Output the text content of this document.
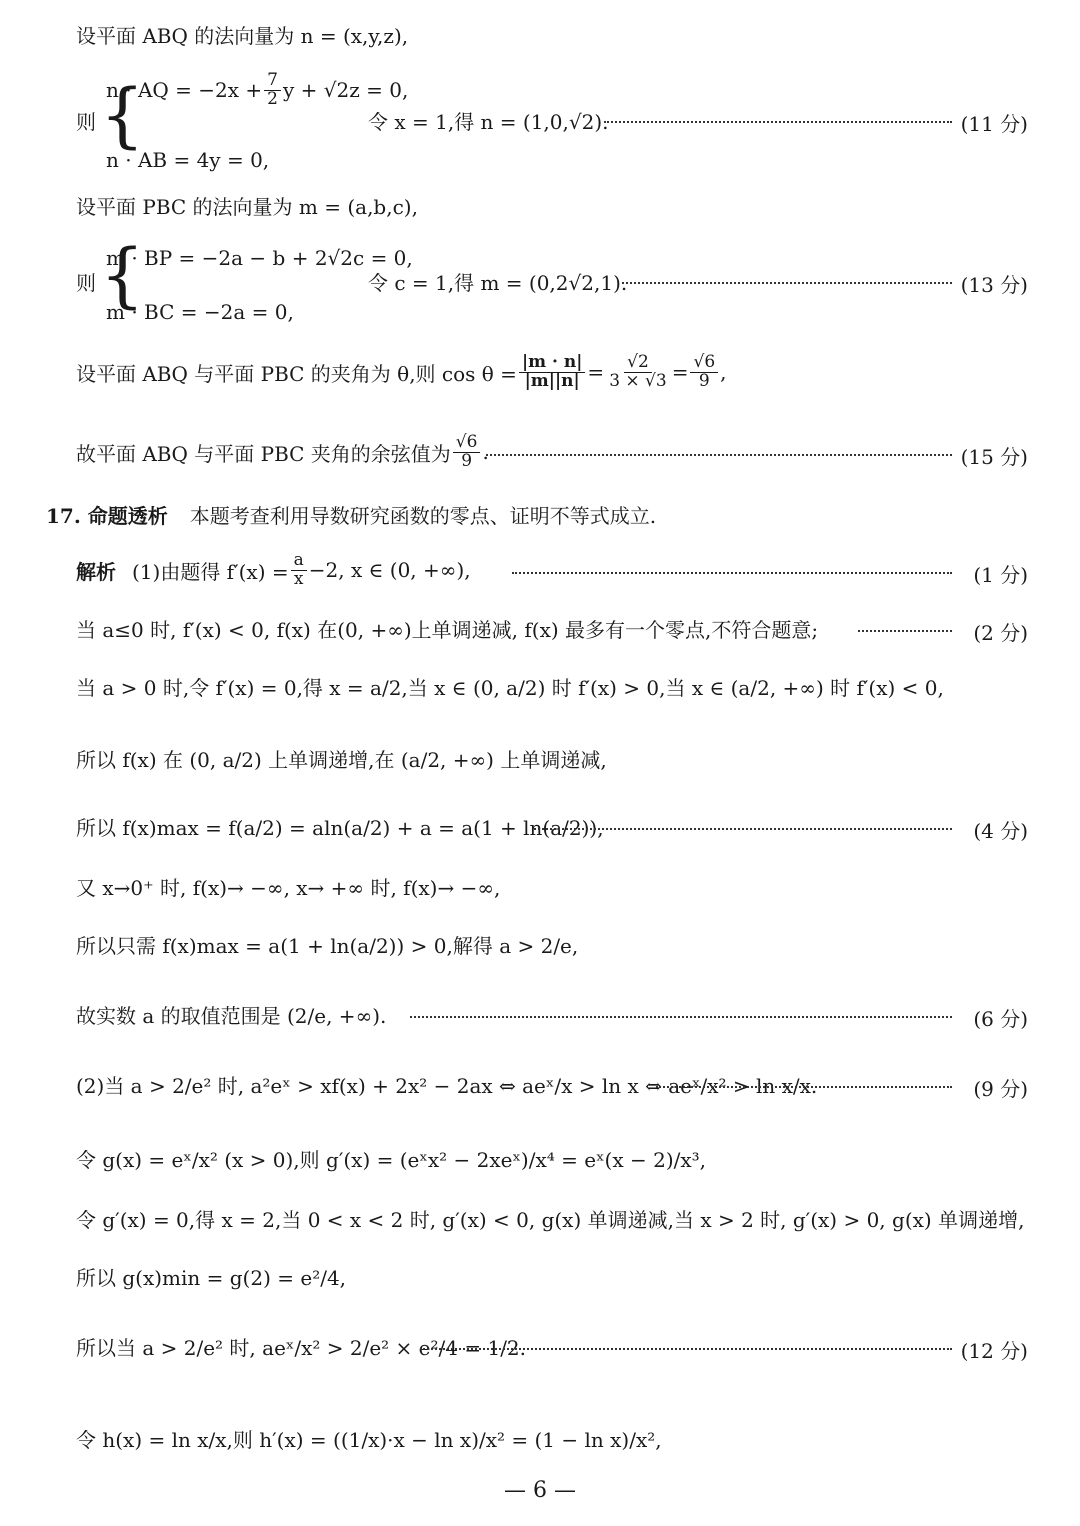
设平面 ABQ 的法向量为 n = (x,y,z),
n · AQ = $-2x + \frac{7}{2}$ y + √2z = 0,
则 {	令 x = 1,得 n = (1,0,√2).	(11 分)
n · AB = 4y = 0,
设平面 PBC 的法向量为 m = (a,b,c),
m · BP = −2a − b + 2√2c = 0,
则 {	令 c = 1,得 m = (0,2√2,1).	(13 分)
m · BC = −2a = 0,
设平面 ABQ 与平面 PBC 的夹角为 θ,则 $\cos \theta = \frac{|m \cdot n|}{|m||n|} = \frac{√2}{3 \times √3} = \frac{√6}{9}$ ,
故平面 ABQ 与平面 PBC 夹角的余弦值为 $\frac{√6}{9}$ .	(15 分)
17. 命题透析 本题考查利用导数研究函数的零点、证明不等式成立.
解析 (1)由题得 $f'(x) = \frac{a}{x} -2$, x ∈ (0, +∞),	(1 分)
当 a≤0 时, f′(x) < 0, f(x) 在(0, +∞)上单调递减, f(x) 最多有一个零点,不符合题意;	(2 分)
当 a > 0 时,令 f′(x) = 0,得 x = a/2,当 x ∈ (0, a/2) 时 f′(x) > 0,当 x ∈ (a/2, +∞) 时 f′(x) < 0,
所以 f(x) 在 (0, a/2) 上单调递增,在 (a/2, +∞) 上单调递减,
所以 f(x)max = f(a/2) = aln(a/2) + a = a(1 + ln(a/2)),	(4 分)
又 x→0⁺ 时, f(x)→ −∞, x→ +∞ 时, f(x)→ −∞,
所以只需 f(x)max = a(1 + ln(a/2)) > 0,解得 a > 2/e,
故实数 a 的取值范围是 (2/e, +∞).	(6 分)
(2)当 a > 2/e² 时, a²eˣ > xf(x) + 2x² − 2ax ⇔ aeˣ/x > ln x ⇔ aeˣ/x² > ln x/x.	(9 分)
令 g(x) = eˣ/x² (x > 0),则 g′(x) = (eˣx² − 2xeˣ)/x⁴ = eˣ(x − 2)/x³,
令 g′(x) = 0,得 x = 2,当 0 < x < 2 时, g′(x) < 0, g(x) 单调递减,当 x > 2 时, g′(x) > 0, g(x) 单调递增,
所以 g(x)min = g(2) = e²/4,
所以当 a > 2/e² 时, aeˣ/x² > 2/e² × e²/4 = 1/2.	(12 分)
令 h(x) = ln x/x,则 h′(x) = ((1/x)·x − ln x)/x² = (1 − ln x)/x²,
— 6 —
